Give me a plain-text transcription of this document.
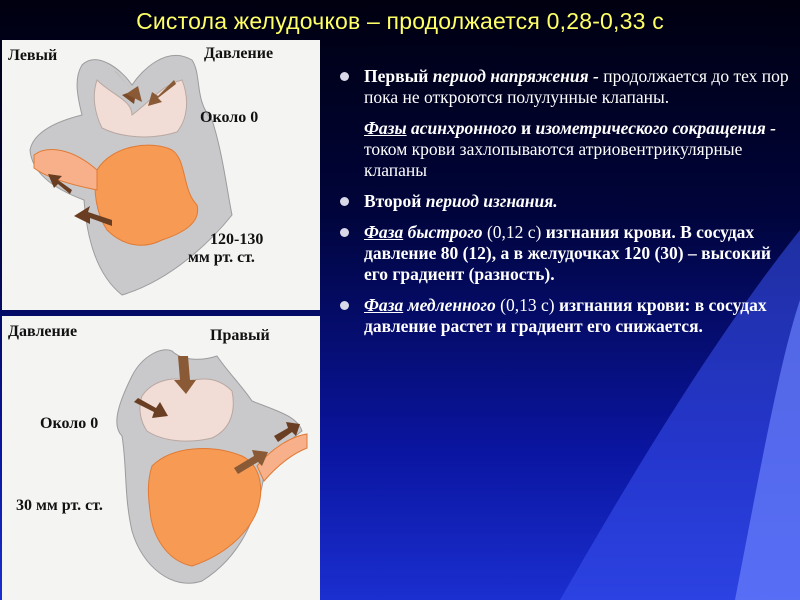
Систола желудочков – продолжается 0,28-0,33 с
Левый	Давление
Около 0
120-130
мм рт. ст.
Давление	Правый
Около 0
30 мм рт. ст.
Первый период напряжения - продолжается до тех пор пока не откроются полулунные клапаны.
Фазы асинхронного и изометрического сокращения - током крови захлопываются атриовентрикулярные клапаны
Второй период изгнания.
Фаза быстрого (0,12 с) изгнания крови. В сосудах давление 80 (12), а в желудочках 120 (30) – высокий его градиент (разность).
Фаза медленного (0,13 с) изгнания крови: в сосудах давление растет и градиент его снижается.
